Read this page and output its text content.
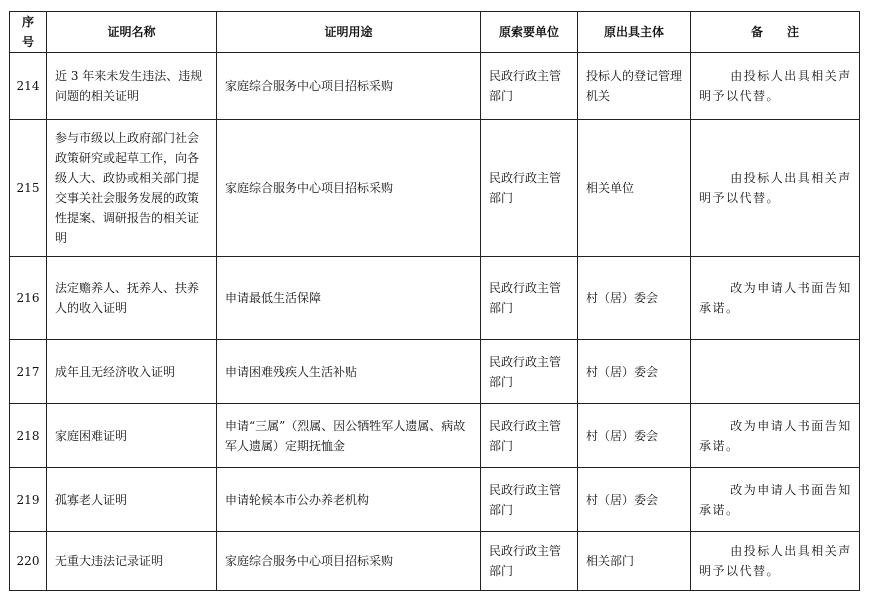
序号	证明名称	证明用途	原索要单位	原出具主体	备　　注
214	近 3 年来未发生违法、违规问题的相关证明	家庭综合服务中心项目招标采购	民政行政主管部门	投标人的登记管理机关	由投标人出具相关声明予以代替。
215	参与市级以上政府部门社会政策研究或起草工作，向各级人大、政协或相关部门提交事关社会服务发展的政策性提案、调研报告的相关证明	家庭综合服务中心项目招标采购	民政行政主管部门	相关单位	由投标人出具相关声明予以代替。
216	法定赡养人、抚养人、扶养人的收入证明	申请最低生活保障	民政行政主管部门	村（居）委会	改为申请人书面告知承诺。
217	成年且无经济收入证明	申请困难残疾人生活补贴	民政行政主管部门	村（居）委会	
218	家庭困难证明	申请“三属”（烈属、因公牺牲军人遗属、病故军人遗属）定期抚恤金	民政行政主管部门	村（居）委会	改为申请人书面告知承诺。
219	孤寡老人证明	申请轮候本市公办养老机构	民政行政主管部门	村（居）委会	改为申请人书面告知承诺。
220	无重大违法记录证明	家庭综合服务中心项目招标采购	民政行政主管部门	相关部门	由投标人出具相关声明予以代替。
